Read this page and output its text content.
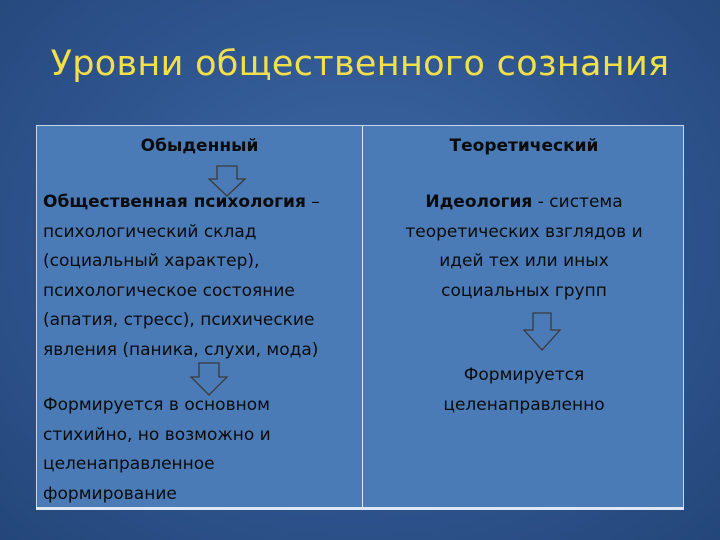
Уровни общественного сознания
Обыденный	Теоретический
Общественная психология –
психологический склад
(социальный характер),
психологическое состояние
(апатия, стресс), психические
явления (паника, слухи, мода)
Формируется в основном
стихийно, но возможно и
целенаправленное
формирование
Идеология - система
теоретических взглядов и
идей тех или иных
социальных групп
Формируется
целенаправленно
